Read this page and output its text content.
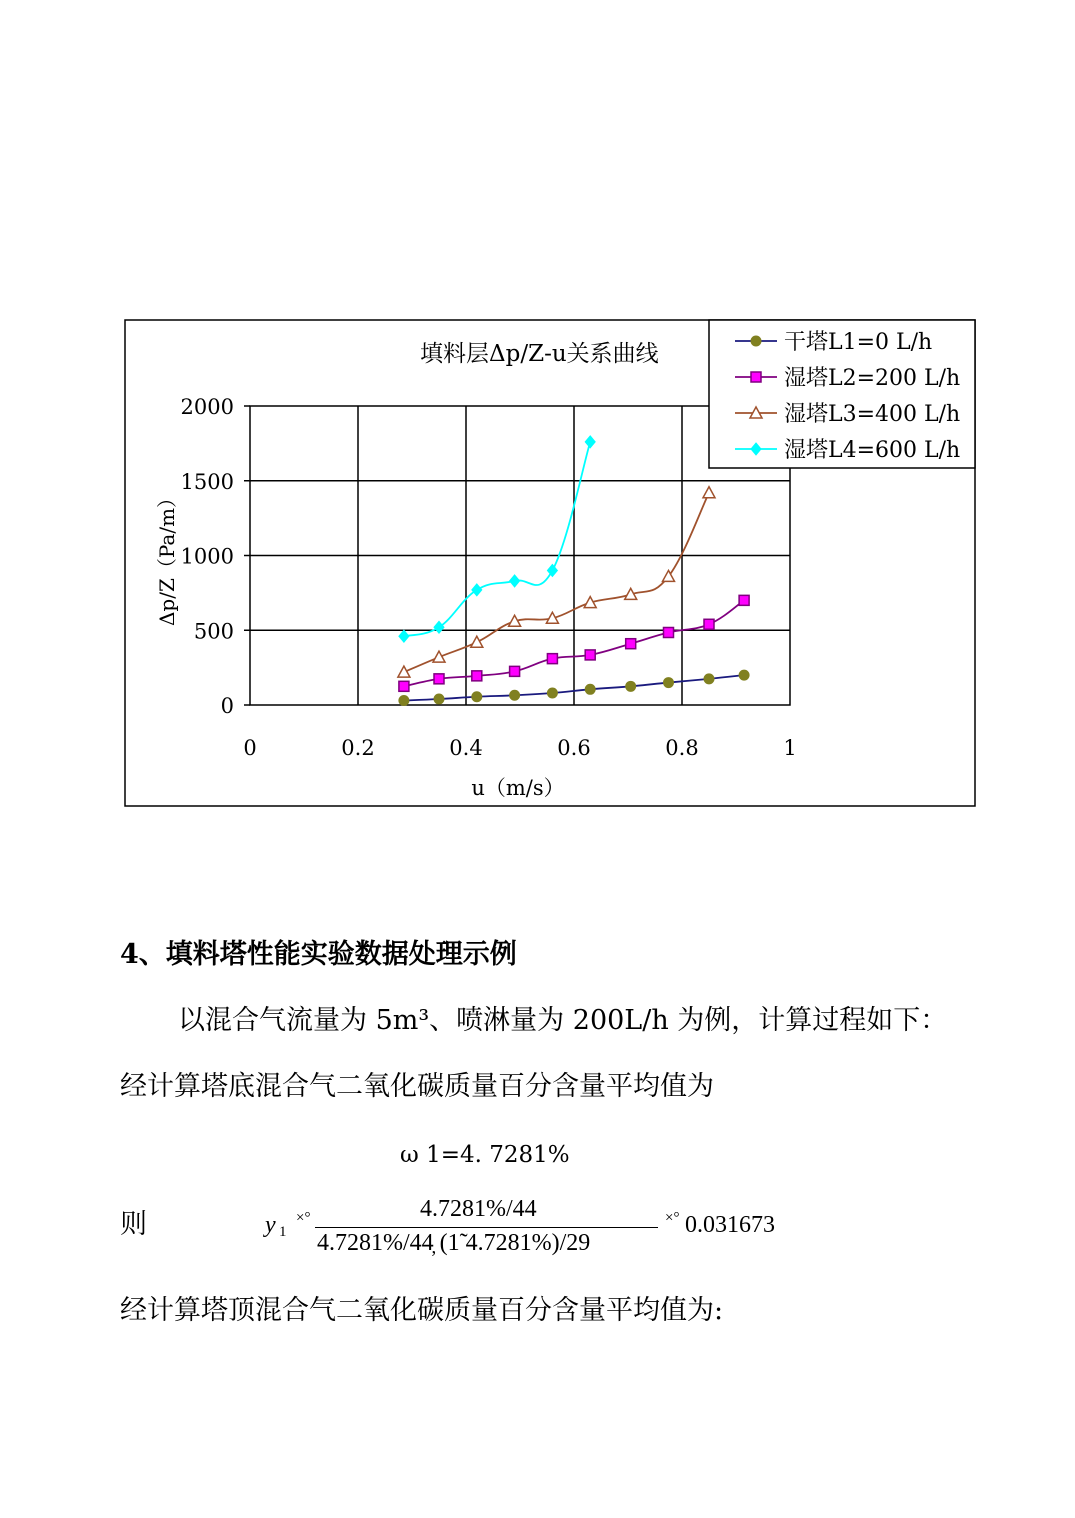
0	0.2	0.4	0.6	0.8	1
0
500
1000
1500
2000
填料层Δp/Z-u关系曲线
Δp/Z（Pa/m）
u（m/s）
干塔L1=0 L/h
湿塔L2=200 L/h
湿塔L3=400 L/h
湿塔L4=600 L/h
4、填料塔性能实验数据处理示例
以混合气流量为 5m³、喷淋量为 200L/h 为例，计算过程如下：
经计算塔底混合气二氧化碳质量百分含量平均值为
ω 1=4. 7281%
则	y 1
×°	4.7281%/44
4.7281%/44̦ (1̃ 4.7281%)/29
×° 0.031673
经计算塔顶混合气二氧化碳质量百分含量平均值为:
